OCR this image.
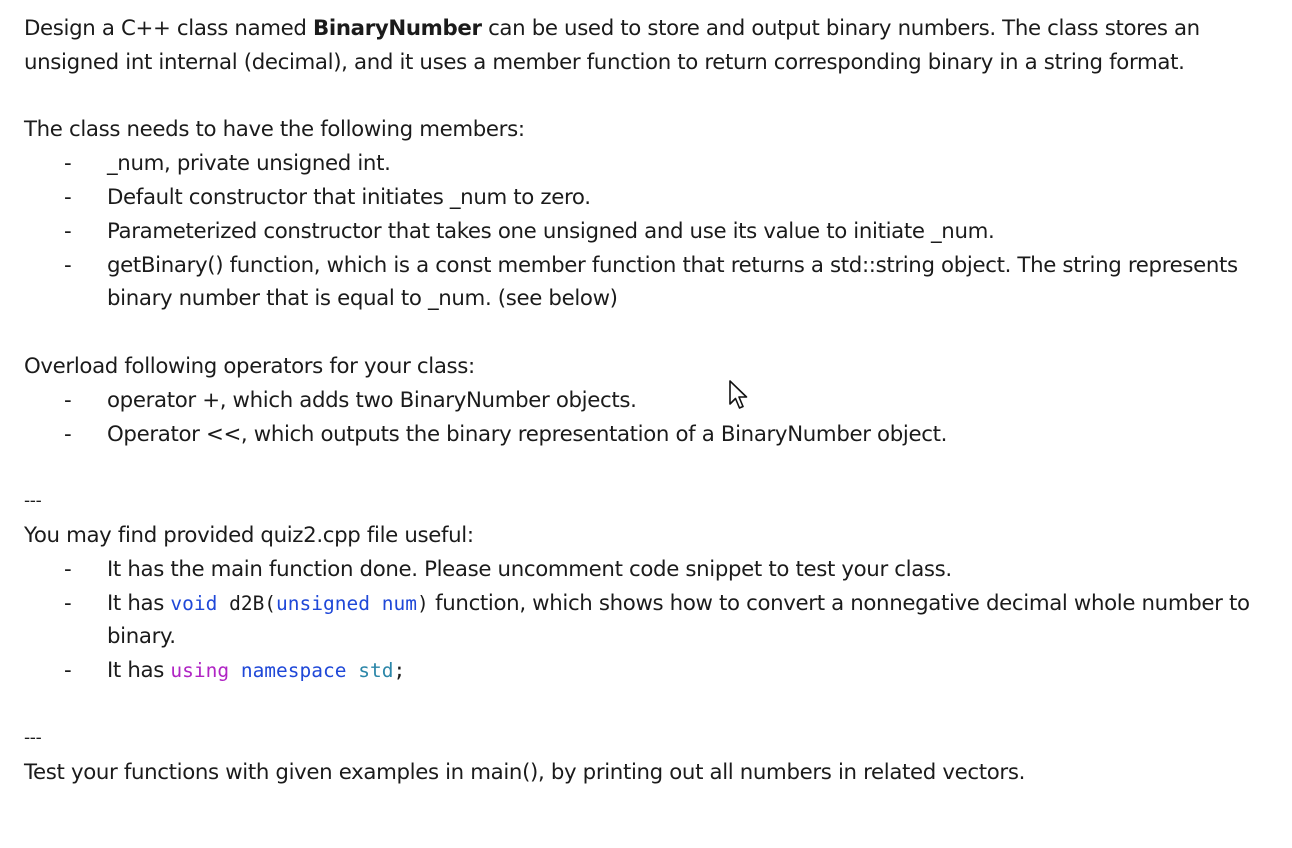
Design a C++ class named BinaryNumber can be used to store and output binary numbers. The class stores an unsigned int internal (decimal), and it uses a member function to return corresponding binary in a string format.

The class needs to have the following members:

- _num, private unsigned int.
- Default constructor that initiates _num to zero.
- Parameterized constructor that takes one unsigned and use its value to initiate _num.
- getBinary() function, which is a const member function that returns a std::string object. The string represents binary number that is equal to _num. (see below)

Overload following operators for your class:

- operator +, which adds two BinaryNumber objects.
- Operator <<, which outputs the binary representation of a BinaryNumber object.

---

You may find provided quiz2.cpp file useful:

- It has the main function done. Please uncomment code snippet to test your class.
- It has void d2B(unsigned num) function, which shows how to convert a nonnegative decimal whole number to binary.
- It has using namespace std;

---

Test your functions with given examples in main(), by printing out all numbers in related vectors.
